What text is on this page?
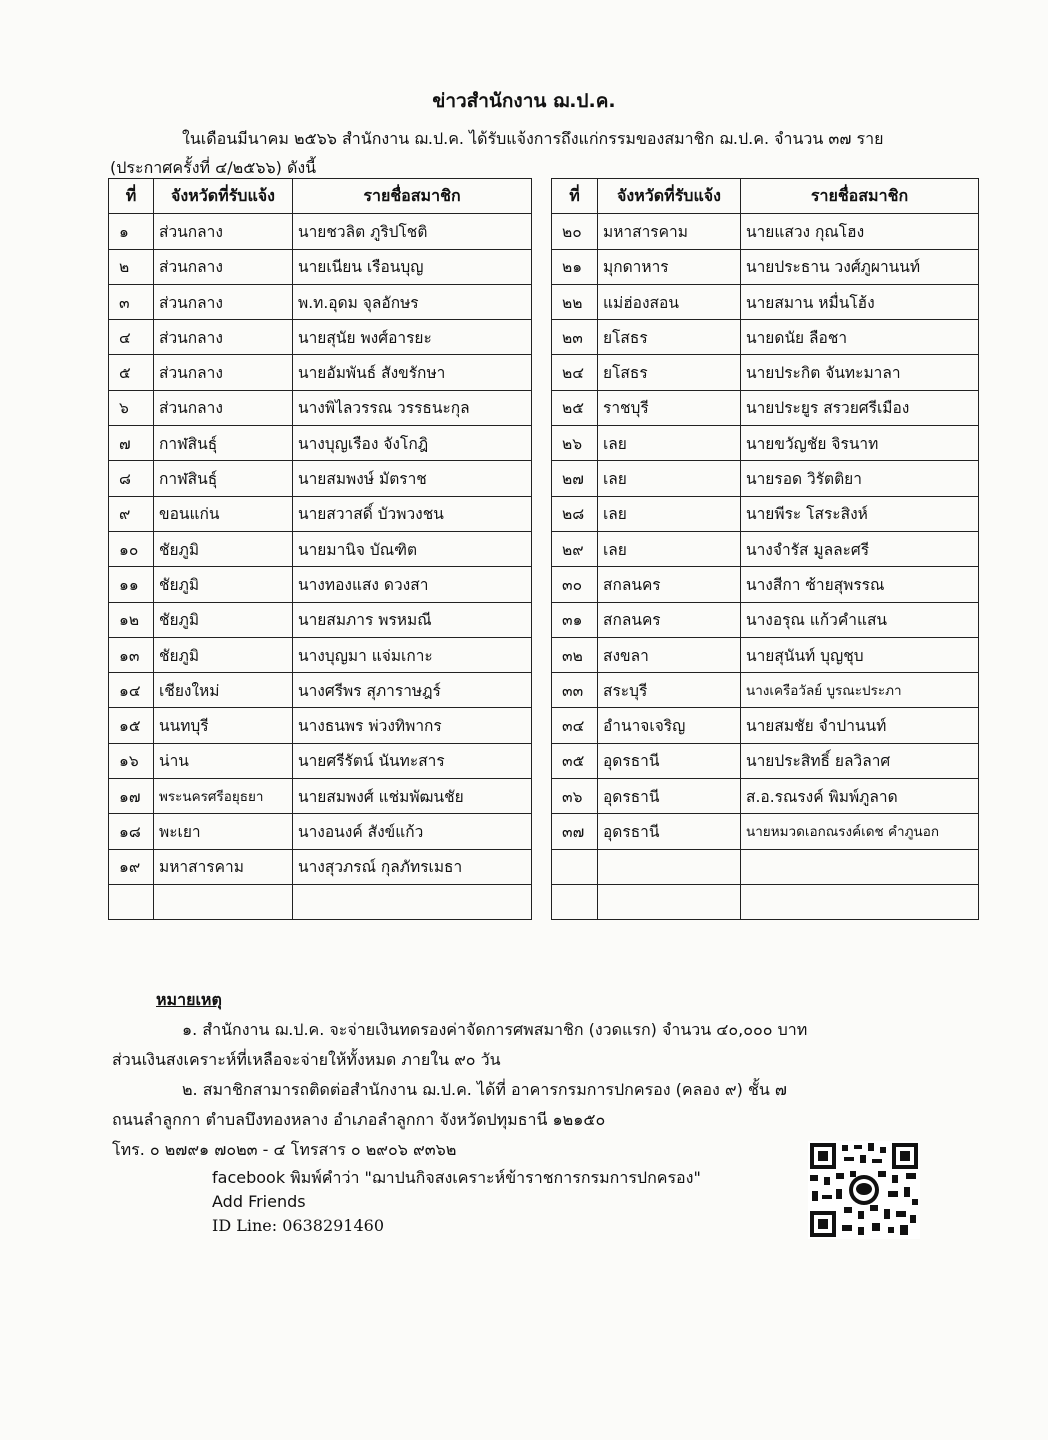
ข่าวสำนักงาน ฌ.ป.ค.
ในเดือนมีนาคม ๒๕๖๖ สำนักงาน ฌ.ป.ค. ได้รับแจ้งการถึงแก่กรรมของสมาชิก ฌ.ป.ค. จำนวน ๓๗ ราย
(ประกาศครั้งที่ ๔/๒๕๖๖) ดังนี้
ที่	จังหวัดที่รับแจ้ง	รายชื่อสมาชิก
๑	ส่วนกลาง	นายชวลิต ภูริปโชติ
๒	ส่วนกลาง	นายเนียน เรือนบุญ
๓	ส่วนกลาง	พ.ท.อุดม จุลอักษร
๔	ส่วนกลาง	นายสุนัย พงศ์อารยะ
๕	ส่วนกลาง	นายอัมพันธ์ สังขรักษา
๖	ส่วนกลาง	นางพิไลวรรณ วรรธนะกุล
๗	กาฬสินธุ์	นางบุญเรือง จังโกฎิ
๘	กาฬสินธุ์	นายสมพงษ์ มัตราช
๙	ขอนแก่น	นายสวาสดิ์ บัวพวงชน
๑๐	ชัยภูมิ	นายมานิจ บัณฑิต
๑๑	ชัยภูมิ	นางทองแสง ดวงสา
๑๒	ชัยภูมิ	นายสมภาร พรหมณี
๑๓	ชัยภูมิ	นางบุญมา แจ่มเกาะ
๑๔	เชียงใหม่	นางศรีพร สุภาราษฎร์
๑๕	นนทบุรี	นางธนพร พ่วงทิพากร
๑๖	น่าน	นายศรีรัตน์ นันทะสาร
๑๗	พระนครศรีอยุธยา	นายสมพงศ์ แช่มพัฒนชัย
๑๘	พะเยา	นางอนงค์ สังข์แก้ว
๑๙	มหาสารคาม	นางสุวภรณ์ กุลภัทรเมธา

ที่	จังหวัดที่รับแจ้ง	รายชื่อสมาชิก
๒๐	มหาสารคาม	นายแสวง กุณโฮง
๒๑	มุกดาหาร	นายประธาน วงศ์ภูผานนท์
๒๒	แม่ฮ่องสอน	นายสมาน หมื่นโฮ้ง
๒๓	ยโสธร	นายดนัย ลือชา
๒๔	ยโสธร	นายประกิต จันทะมาลา
๒๕	ราชบุรี	นายประยูร สรวยศรีเมือง
๒๖	เลย	นายขวัญชัย จิรนาท
๒๗	เลย	นายรอด วิรัตติยา
๒๘	เลย	นายพีระ โสระสิงห์
๒๙	เลย	นางจำรัส มูลละศรี
๓๐	สกลนคร	นางสีกา ซ้ายสุพรรณ
๓๑	สกลนคร	นางอรุณ แก้วคำแสน
๓๒	สงขลา	นายสุนันท์ บุญชุบ
๓๓	สระบุรี	นางเครือวัลย์ บูรณะประภา
๓๔	อำนาจเจริญ	นายสมชัย จำปานนท์
๓๕	อุดรธานี	นายประสิทธิ์ ยลวิลาศ
๓๖	อุดรธานี	ส.อ.รณรงค์ พิมพ์ภูลาด
๓๗	อุดรธานี	นายหมวดเอกณรงค์เดช คำภูนอก

หมายเหตุ
๑. สำนักงาน ฌ.ป.ค. จะจ่ายเงินทดรองค่าจัดการศพสมาชิก (งวดแรก) จำนวน ๔๐,๐๐๐ บาท
ส่วนเงินสงเคราะห์ที่เหลือจะจ่ายให้ทั้งหมด ภายใน ๙๐ วัน
๒. สมาชิกสามารถติดต่อสำนักงาน ฌ.ป.ค. ได้ที่ อาคารกรมการปกครอง (คลอง ๙) ชั้น ๗
ถนนลำลูกกา ตำบลบึงทองหลาง อำเภอลำลูกกา จังหวัดปทุมธานี ๑๒๑๕๐
โทร. ๐ ๒๗๙๑ ๗๐๒๓ - ๔ โทรสาร ๐ ๒๙๐๖ ๙๓๖๒
facebook พิมพ์คำว่า "ฌาปนกิจสงเคราะห์ข้าราชการกรมการปกครอง"
Add Friends
ID Line: 0638291460
